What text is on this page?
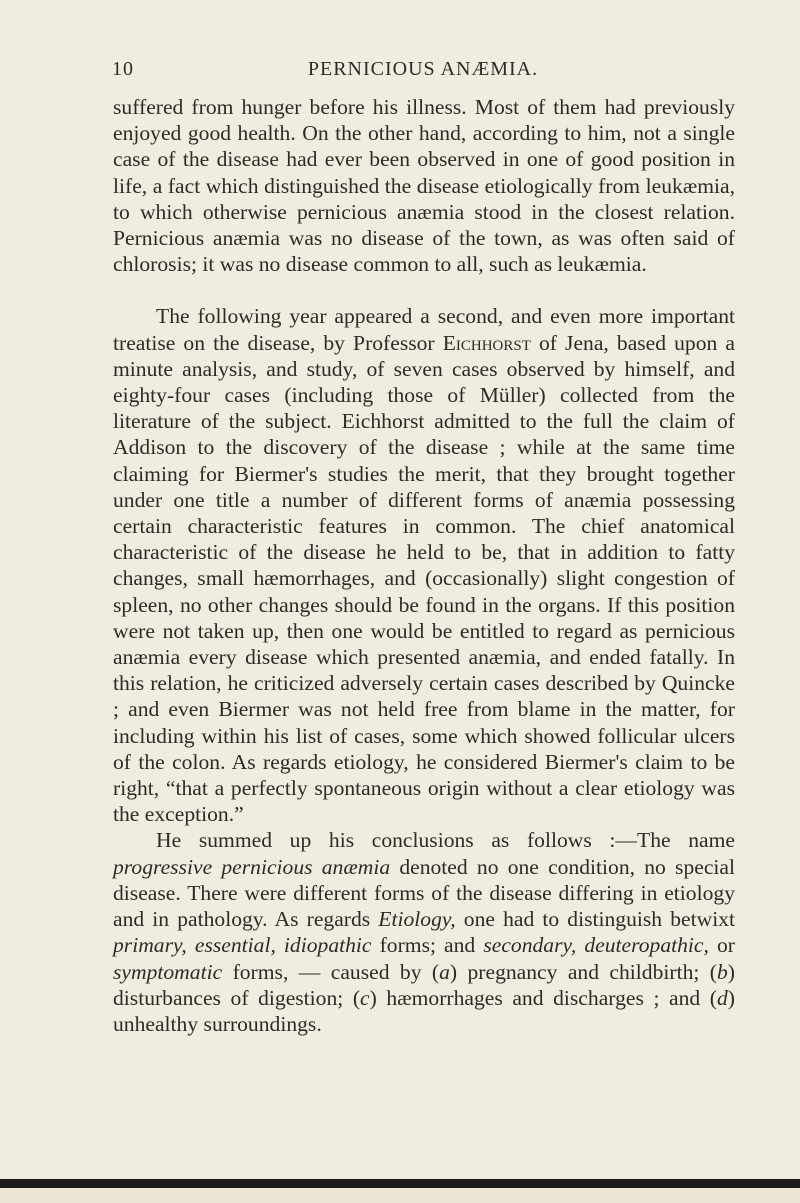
10	PERNICIOUS ANÆMIA.

suffered from hunger before his illness. Most of them had previously enjoyed good health. On the other hand, according to him, not a single case of the disease had ever been observed in one of good position in life, a fact which distinguished the disease etiologically from leukæmia, to which otherwise pernicious anæmia stood in the closest relation. Pernicious anæmia was no disease of the town, as was often said of chlorosis; it was no disease common to all, such as leukæmia.

The following year appeared a second, and even more important treatise on the disease, by Professor Eichhorst of Jena, based upon a minute analysis, and study, of seven cases observed by himself, and eighty-four cases (including those of Müller) collected from the literature of the subject. Eichhorst admitted to the full the claim of Addison to the discovery of the disease ; while at the same time claiming for Biermer's studies the merit, that they brought together under one title a number of different forms of anæmia possessing certain characteristic features in common. The chief anatomical characteristic of the disease he held to be, that in addition to fatty changes, small hæmorrhages, and (occasionally) slight congestion of spleen, no other changes should be found in the organs. If this position were not taken up, then one would be entitled to regard as pernicious anæmia every disease which presented anæmia, and ended fatally. In this relation, he criticized adversely certain cases described by Quincke ; and even Biermer was not held free from blame in the matter, for including within his list of cases, some which showed follicular ulcers of the colon. As regards etiology, he considered Biermer's claim to be right, “that a perfectly spontaneous origin without a clear etiology was the exception.”

He summed up his conclusions as follows :—The name progressive pernicious anæmia denoted no one condition, no special disease. There were different forms of the disease differing in etiology and in pathology. As regards Etiology, one had to distinguish betwixt primary, essential, idiopathic forms; and secondary, deuteropathic, or symptomatic forms, — caused by (a) pregnancy and childbirth; (b) disturbances of digestion; (c) hæmorrhages and discharges ; and (d) unhealthy surroundings.
